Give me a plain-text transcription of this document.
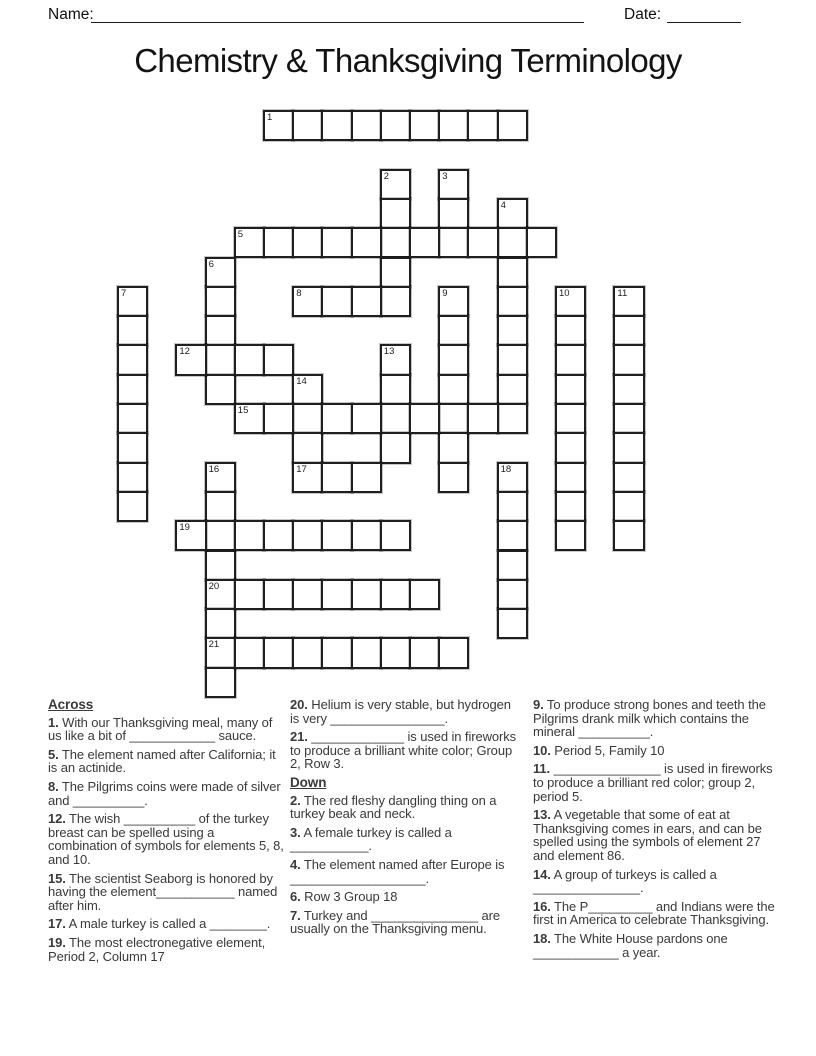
Name:	Date:
Chemistry & Thanksgiving Terminology
1
2	3
4
5
6
7	8	9	10	11
12	13
14
17
15
16
20
21
18
19

Across

1. With our Thanksgiving meal, many of us like a bit of ____________ sauce.

5. The element named after California; it is an actinide.

8. The Pilgrims coins were made of silver and __________.

12. The wish __________ of the turkey breast can be spelled using a combination of symbols for elements 5, 8, and 10.

15. The scientist Seaborg is honored by having the element___________ named after him.

17. A male turkey is called a ________.

19. The most electronegative element, Period 2, Column 17

20. Helium is very stable, but hydrogen is very ________________.

21. _____________ is used in fireworks to produce a brilliant white color; Group 2, Row 3.

Down

2. The red fleshy dangling thing on a turkey beak and neck.

3. A female turkey is called a ___________.

4. The element named after Europe is ___________________.

6. Row 3 Group 18

7. Turkey and _______________ are usually on the Thanksgiving menu.

9. To produce strong bones and teeth the Pilgrims drank milk which contains the mineral __________.

10. Period 5, Family 10

11. _______________ is used in fireworks to produce a brilliant red color; group 2, period 5.

13. A vegetable that some of eat at Thanksgiving comes in ears, and can be spelled using the symbols of element 27 and element 86.

14. A group of turkeys is called a _______________.

16. The P_________ and Indians were the first in America to celebrate Thanksgiving.

18. The White House pardons one ____________ a year.
